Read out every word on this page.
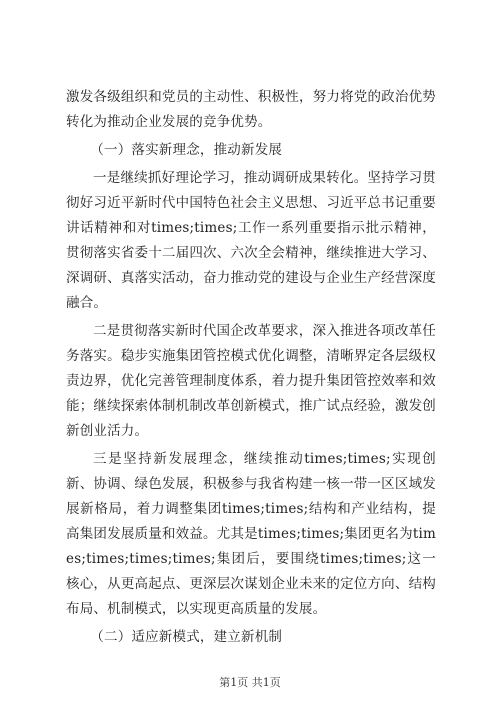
激发各级组织和党员的主动性、积极性，努力将党的政治优势转化为推动企业发展的竞争优势。

（一）落实新理念，推动新发展

一是继续抓好理论学习，推动调研成果转化。坚持学习贯彻好习近平新时代中国特色社会主义思想、习近平总书记重要讲话精神和对times;times;工作一系列重要指示批示精神，贯彻落实省委十二届四次、六次全会精神，继续推进大学习、深调研、真落实活动，奋力推动党的建设与企业生产经营深度融合。

二是贯彻落实新时代国企改革要求，深入推进各项改革任务落实。稳步实施集团管控模式优化调整，清晰界定各层级权责边界，优化完善管理制度体系，着力提升集团管控效率和效能；继续探索体制机制改革创新模式，推广试点经验，激发创新创业活力。

三是坚持新发展理念，继续推动times;times;实现创新、协调、绿色发展，积极参与我省构建一核一带一区区域发展新格局，着力调整集团times;times;结构和产业结构，提高集团发展质量和效益。尤其是times;times;集团更名为times;times;times;times;集团后，要围绕times;times;这一核心，从更高起点、更深层次谋划企业未来的定位方向、结构布局、机制模式，以实现更高质量的发展。

（二）适应新模式，建立新机制

第1页 共1页
